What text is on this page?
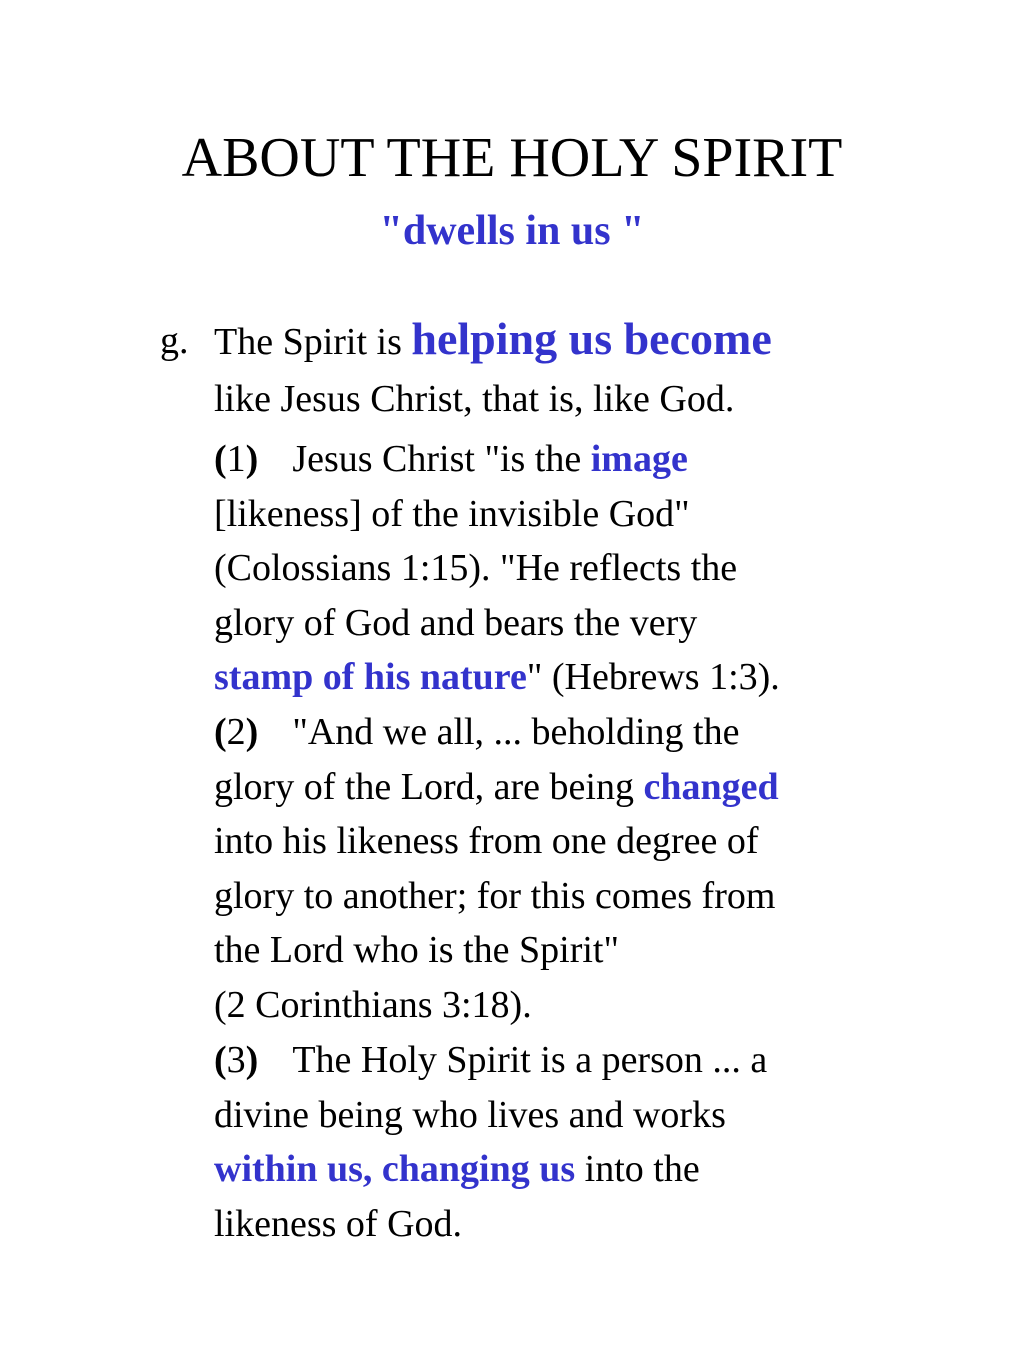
ABOUT THE HOLY SPIRIT
"dwells in us "
g. The Spirit is helping us become
like Jesus Christ, that is, like God.
(1) Jesus Christ "is the image
[likeness] of the invisible God"
(Colossians 1:15). "He reflects the
glory of God and bears the very
stamp of his nature" (Hebrews 1:3).
(2) "And we all, ... beholding the
glory of the Lord, are being changed
into his likeness from one degree of
glory to another; for this comes from
the Lord who is the Spirit"
(2 Corinthians 3:18).
(3) The Holy Spirit is a person ... a
divine being who lives and works
within us, changing us into the
likeness of God.
